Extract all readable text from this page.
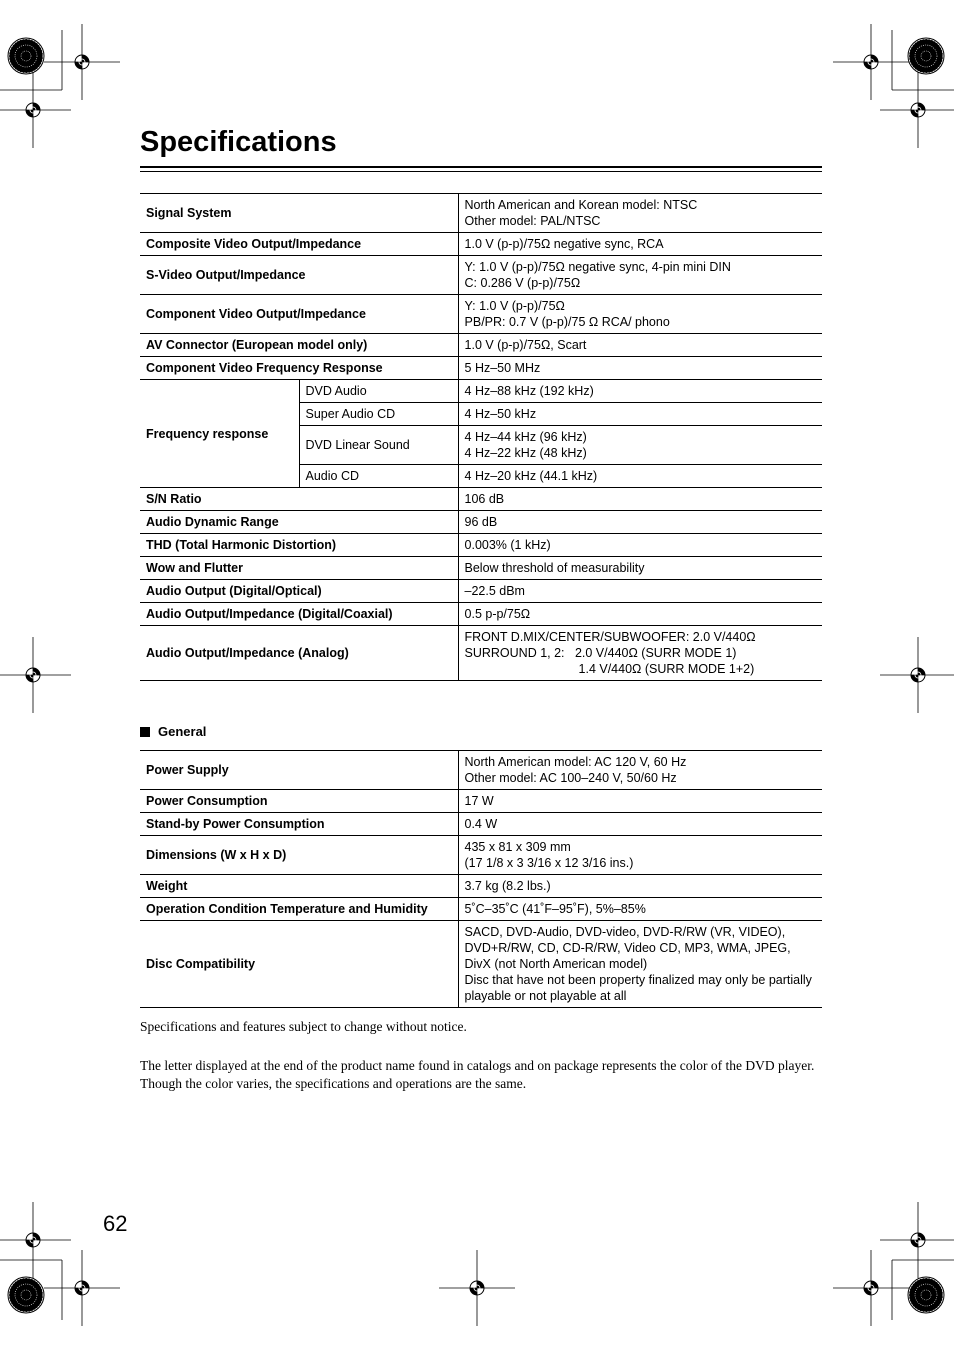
Specifications
Signal System		North American and Korean model: NTSC
Other model: PAL/NTSC

Composite Video Output/Impedance		1.0 V (p-p)/75Ω negative sync, RCA
S-Video Output/Impedance		Y: 1.0 V (p-p)/75Ω negative sync, 4-pin mini DIN
C: 0.286 V (p-p)/75Ω

Component Video Output/Impedance		Y: 1.0 V (p-p)/75Ω
PB/PR: 0.7 V (p-p)/75 Ω RCA/ phono

AV Connector (European model only)		1.0 V (p-p)/75Ω, Scart
Component Video Frequency Response		5 Hz–50 MHz
Frequency response	DVD Audio	4 Hz–88 kHz (192 kHz)
	Super Audio CD	4 Hz–50 kHz
	DVD Linear Sound	4 Hz–44 kHz (96 kHz)
4 Hz–22 kHz (48 kHz)

	Audio CD	4 Hz–20 kHz (44.1 kHz)
S/N Ratio		106 dB
Audio Dynamic Range		96 dB
THD (Total Harmonic Distortion)		0.003% (1 kHz)
Wow and Flutter		Below threshold of measurability
Audio Output (Digital/Optical)		–22.5 dBm
Audio Output/Impedance (Digital/Coaxial)		0.5 p-p/75Ω
Audio Output/Impedance (Analog)		FRONT D.MIX/CENTER/SUBWOOFER: 2.0 V/440Ω
SURROUND 1, 2:   2.0 V/440Ω (SURR MODE 1)
1.4 V/440Ω (SURR MODE 1+2)
General
Power Supply	North American model: AC 120 V, 60 Hz
Other model: AC 100–240 V, 50/60 Hz

Power Consumption	17 W
Stand-by Power Consumption	0.4 W
Dimensions (W x H x D)	435 x 81 x 309 mm
(17 1/8 x 3 3/16 x 12 3/16 ins.)

Weight	3.7 kg (8.2 lbs.)
Operation Condition Temperature and Humidity	5˚C–35˚C (41˚F–95˚F), 5%–85%
Disc Compatibility	SACD, DVD-Audio, DVD-video, DVD-R/RW (VR, VIDEO),
DVD+R/RW, CD, CD-R/RW, Video CD, MP3, WMA, JPEG,
DivX (not North American model)
Disc that have not been property finalized may only be partially
playable or not playable at all

Specifications and features subject to change without notice.

The letter displayed at the end of the product name found in catalogs and on package represents the color of the DVD player. Though the color varies, the specifications and operations are the same.

62
